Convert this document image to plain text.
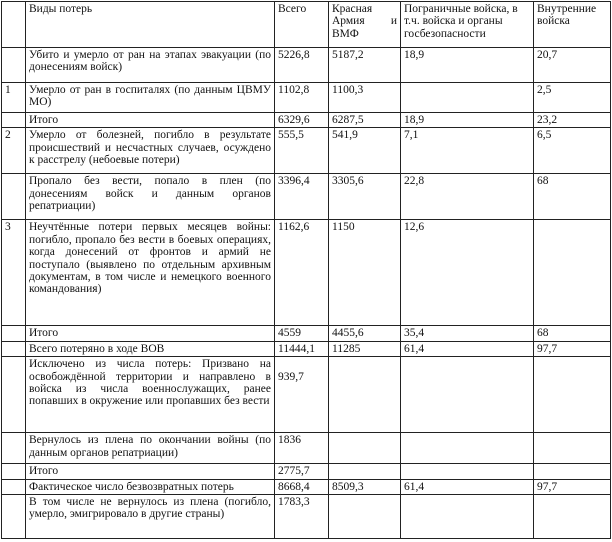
	Виды потерь	Всего	Красная Армия и ВМФ	Пограничные войска, в т.ч. войска и органы госбезопасности	Внутренние войска
	Убито и умерло от ран на этапах эвакуации (по донесениям войск)	5226,8	5187,2	18,9	20,7
1	Умерло от ран в госпиталях (по данным ЦВМУ МО)	1102,8	1100,3		2,5
	Итого	6329,6	6287,5	18,9	23,2
2	Умерло от болезней, погибло в результате происшествий и несчастных случаев, осуждено к расстрелу (небоевые потери)	555,5	541,9	7,1	6,5
	Пропало без вести, попало в плен (по донесениям войск и данным органов репатриации)	3396,4	3305,6	22,8	68
3	Неучтённые потери первых месяцев войны: погибло, пропало без вести в боевых операциях, когда донесений от фронтов и армий не поступало (выявлено по отдельным архивным документам, в том числе и немецкого военного командования)	1162,6	1150	12,6	
	Итого	4559	4455,6	35,4	68
	Всего потеряно в ходе ВОВ	11444,1	11285	61,4	97,7
	Исключено из числа потерь: Призвано на освобождённой территории и направлено в войска из числа военнослужащих, ранее попавших в окружение или пропавших без вести	939,7			
	Вернулось из плена по окончании войны (по данным органов репатриации)	1836			
	Итого	2775,7			
	Фактическое число безвозвратных потерь	8668,4	8509,3	61,4	97,7
	В том числе не вернулось из плена (погибло, умерло, эмигрировало в другие страны)	1783,3			
